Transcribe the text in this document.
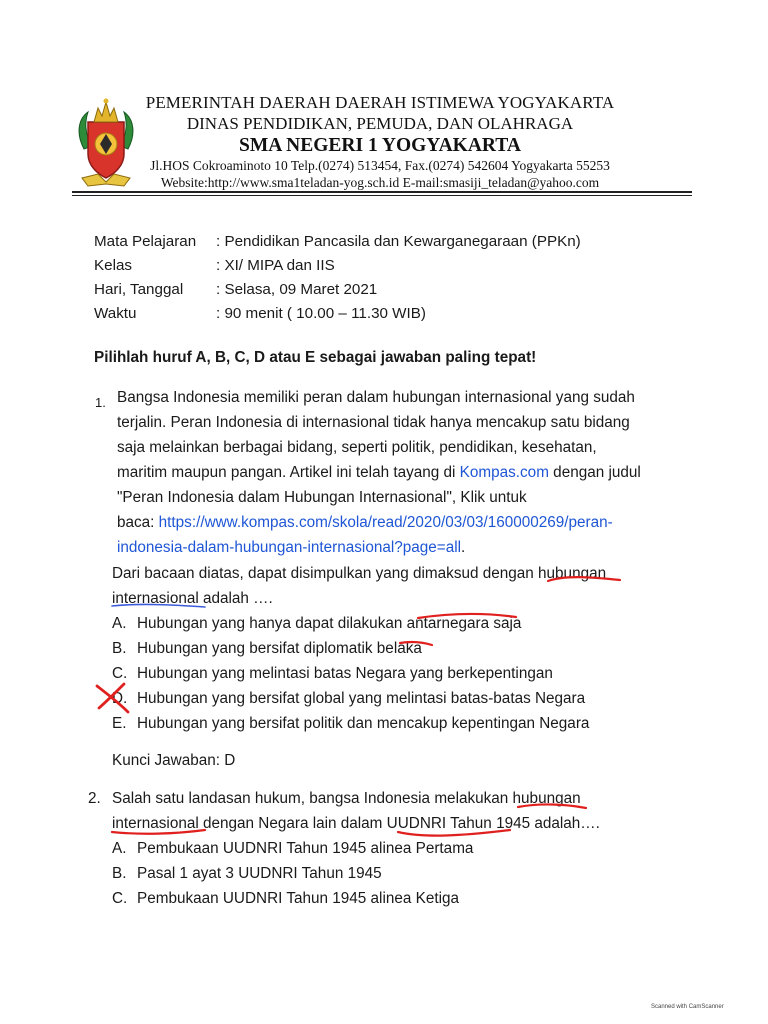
PEMERINTAH DAERAH DAERAH ISTIMEWA YOGYAKARTA
DINAS PENDIDIKAN, PEMUDA, DAN OLAHRAGA
SMA NEGERI 1 YOGYAKARTA
Jl.HOS Cokroaminoto 10 Telp.(0274) 513454, Fax.(0274) 542604 Yogyakarta 55253
Website:http://www.sma1teladan-yog.sch.id E-mail:smasiji_teladan@yahoo.com
Mata Pelajaran : Pendidikan Pancasila dan Kewarganegaraan (PPKn)
Kelas	: XI/ MIPA dan IIS
Hari, Tanggal : Selasa, 09 Maret 2021
Waktu	: 90 menit ( 10.00 – 11.30 WIB)
Pilihlah huruf A, B, C, D atau E sebagai jawaban paling tepat!
1. Bangsa Indonesia memiliki peran dalam hubungan internasional yang sudah
terjalin. Peran Indonesia di internasional tidak hanya mencakup satu bidang
saja melainkan berbagai bidang, seperti politik, pendidikan, kesehatan,
maritim maupun pangan. Artikel ini telah tayang di Kompas.com dengan judul
"Peran Indonesia dalam Hubungan Internasional", Klik untuk
baca: https://www.kompas.com/skola/read/2020/03/03/160000269/peran-
indonesia-dalam-hubungan-internasional?page=all.
Dari bacaan diatas, dapat disimpulkan yang dimaksud dengan hubungan
internasional adalah ….
A. Hubungan yang hanya dapat dilakukan antarnegara saja
B. Hubungan yang bersifat diplomatik belaka
C. Hubungan yang melintasi batas Negara yang berkepentingan
D. Hubungan yang bersifat global yang melintasi batas-batas Negara
E. Hubungan yang bersifat politik dan mencakup kepentingan Negara
Kunci Jawaban: D
2. Salah satu landasan hukum, bangsa Indonesia melakukan hubungan
internasional dengan Negara lain dalam UUDNRI Tahun 1945 adalah….
A. Pembukaan UUDNRI Tahun 1945 alinea Pertama
B. Pasal 1 ayat 3 UUDNRI Tahun 1945
C. Pembukaan UUDNRI Tahun 1945 alinea Ketiga
Scanned with CamScanner
